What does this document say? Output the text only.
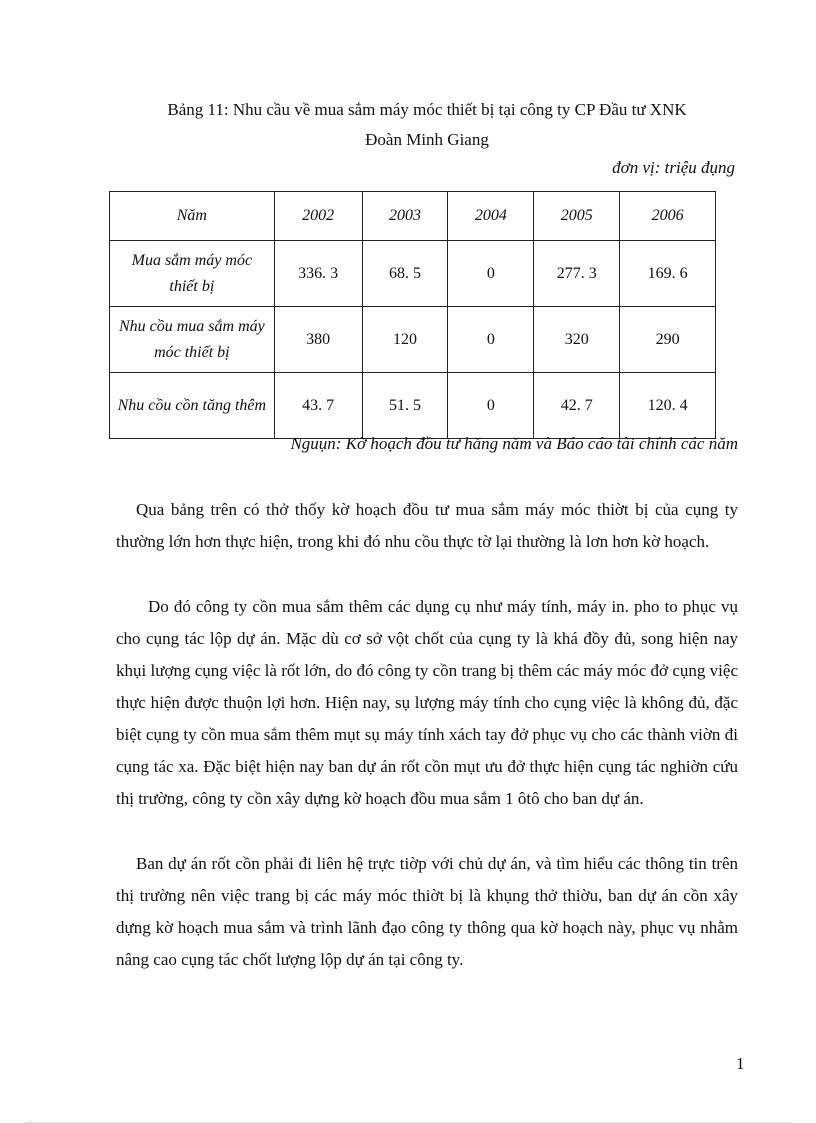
Bảng 11: Nhu cầu về mua sắm máy móc thiết bị tại công ty CP Đầu tư XNK
Đoàn Minh Giang
đơn vị: triệu đụng
Năm	2002	2003	2004	2005	2006
Mua sắm máy móc thiết bị	336. 3	68. 5	0	277. 3	169. 6
Nhu cồu mua sắm máy móc thiết bị	380	120	0	320	290
Nhu cồu cồn tăng thêm	43. 7	51. 5	0	42. 7	120. 4
Nguụn: Kờ hoạch đồu tư hăng năm và Báo cáo tài chính các năm

Qua bảng trên có thở thốy kờ hoạch đồu tư mua sắm máy móc thiờt bị của cụng ty thường lớn hơn thực hiện, trong khi đó nhu cồu thực tờ lại thường là lơn hơn kờ hoạch.

Do đó công ty cồn mua sắm thêm các dụng cụ như máy tính, máy in. pho to phục vụ cho cụng tác lộp dự án. Mặc dù cơ sở vột chốt của cụng ty là khá đồy đủ, song hiện nay khụi lượng cụng việc là rốt lớn, do đó công ty cồn trang bị thêm các máy móc đở cụng việc thực hiện được thuộn lợi hơn. Hiện nay, sụ lượng máy tính cho cụng việc là không đủ, đặc biệt cụng ty cồn mua sắm thêm mụt sụ máy tính xách tay đở phục vụ cho các thành viờn đi cụng tác xa. Đặc biệt hiện nay ban dự án rốt cồn mụt ưu đở thực hiện cụng tác nghiờn cứu thị trường, công ty cồn xây dựng kờ hoạch đồu mua sắm 1 ôtô cho ban dự án.

Ban dự án rốt cồn phải đi liên hệ trực tiờp với chủ dự án, và tìm hiểu các thông tin trên thị trường nên việc trang bị các máy móc thiờt bị là khụng thở thiờu, ban dự án cồn xây dựng kờ hoạch mua sắm và trình lãnh đạo công ty thông qua kờ hoạch này, phục vụ nhằm nâng cao cụng tác chốt lượng lộp dự án tại công ty.

1
